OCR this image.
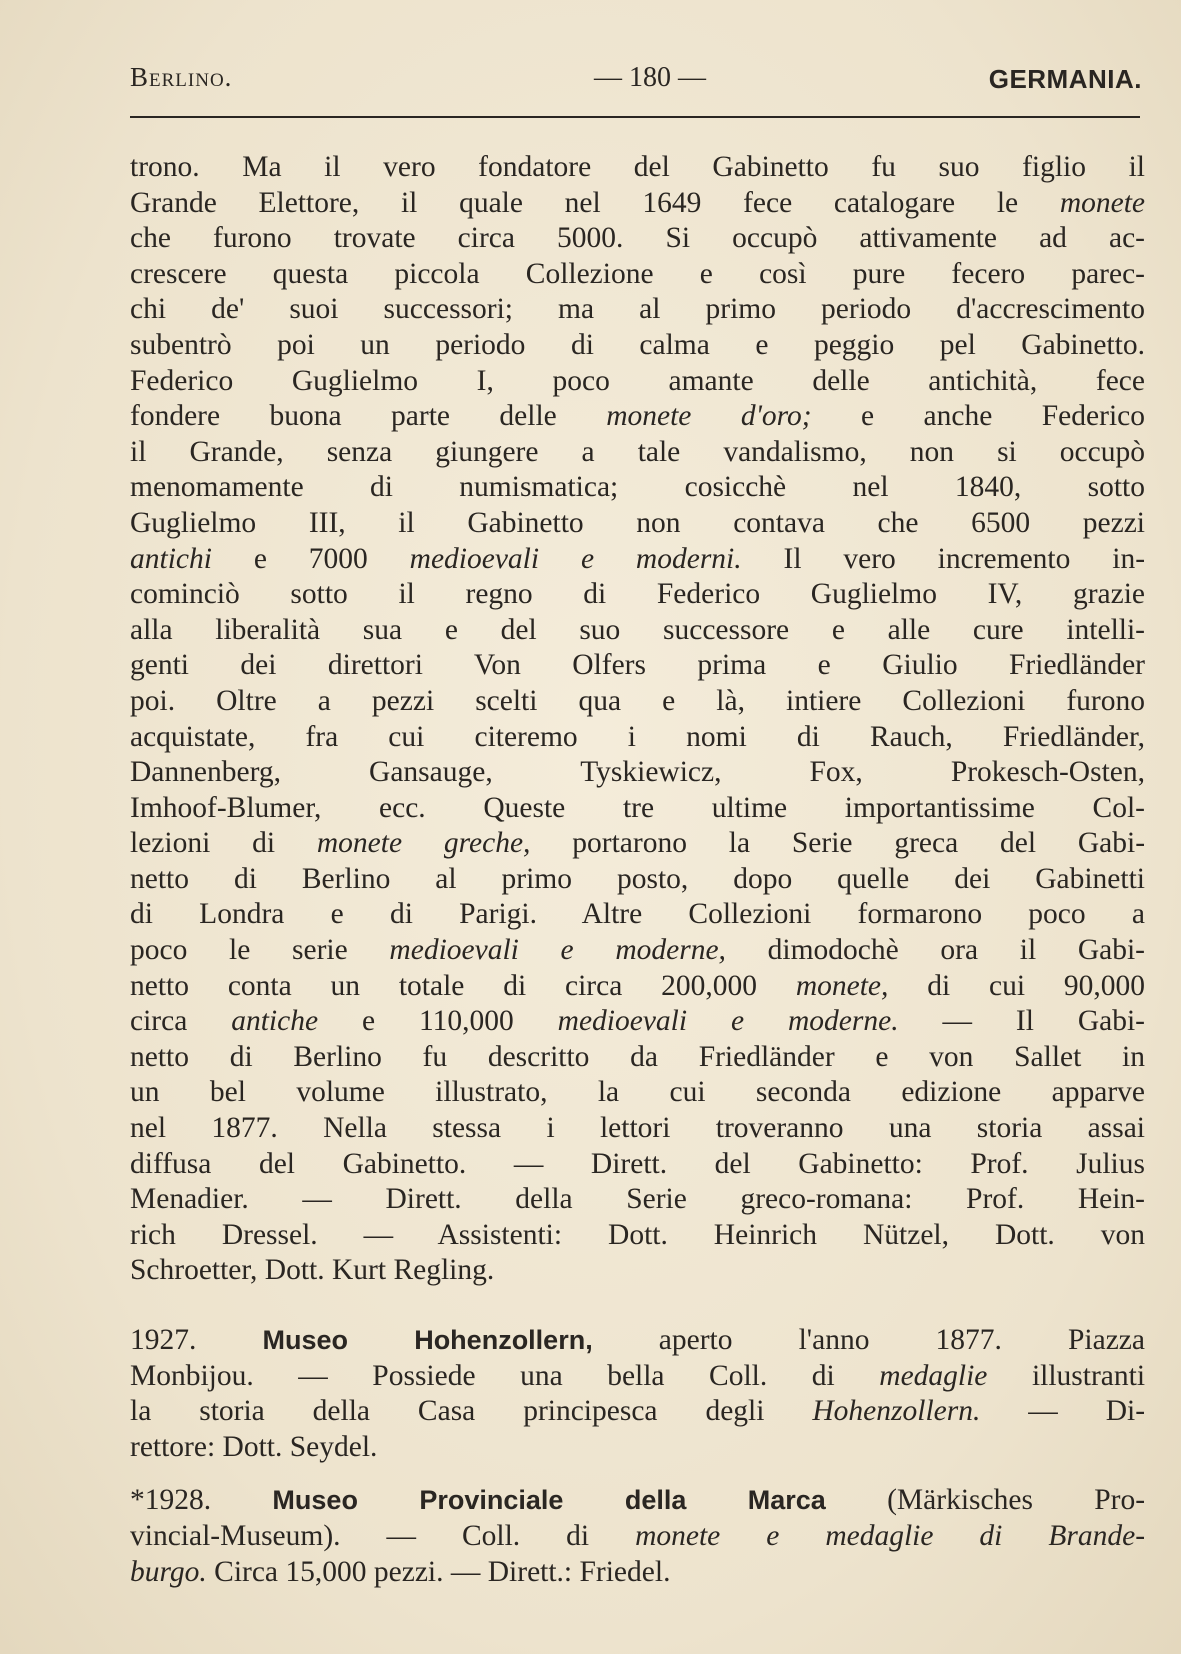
Berlino.	— 180 —	GERMANIA.
trono. Ma il vero fondatore del Gabinetto fu suo figlio il
Grande Elettore, il quale nel 1649 fece catalogare le monete
che furono trovate circa 5000. Si occupò attivamente ad ac-
crescere questa piccola Collezione e così pure fecero parec-
chi de' suoi successori; ma al primo periodo d'accrescimento
subentrò poi un periodo di calma e peggio pel Gabinetto.
Federico Guglielmo I, poco amante delle antichità, fece
fondere buona parte delle monete d'oro; e anche Federico
il Grande, senza giungere a tale vandalismo, non si occupò
menomamente di numismatica; cosicchè nel 1840, sotto
Guglielmo III, il Gabinetto non contava che 6500 pezzi
antichi e 7000 medioevali e moderni. Il vero incremento in-
cominciò sotto il regno di Federico Guglielmo IV, grazie
alla liberalità sua e del suo successore e alle cure intelli-
genti dei direttori Von Olfers prima e Giulio Friedländer
poi. Oltre a pezzi scelti qua e là, intiere Collezioni furono
acquistate, fra cui citeremo i nomi di Rauch, Friedländer,
Dannenberg, Gansauge, Tyskiewicz, Fox, Prokesch-Osten,
Imhoof-Blumer, ecc. Queste tre ultime importantissime Col-
lezioni di monete greche, portarono la Serie greca del Gabi-
netto di Berlino al primo posto, dopo quelle dei Gabinetti
di Londra e di Parigi. Altre Collezioni formarono poco a
poco le serie medioevali e moderne, dimodochè ora il Gabi-
netto conta un totale di circa 200,000 monete, di cui 90,000
circa antiche e 110,000 medioevali e moderne. — Il Gabi-
netto di Berlino fu descritto da Friedländer e von Sallet in
un bel volume illustrato, la cui seconda edizione apparve
nel 1877. Nella stessa i lettori troveranno una storia assai
diffusa del Gabinetto. — Dirett. del Gabinetto: Prof. Julius
Menadier. — Dirett. della Serie greco-romana: Prof. Hein-
rich Dressel. — Assistenti: Dott. Heinrich Nützel, Dott. von
Schroetter, Dott. Kurt Regling.
1927. Museo Hohenzollern, aperto l'anno 1877. Piazza
Monbijou. — Possiede una bella Coll. di medaglie illustranti
la storia della Casa principesca degli Hohenzollern. — Di-
rettore: Dott. Seydel.
*1928. Museo Provinciale della Marca (Märkisches Pro-
vincial-Museum). — Coll. di monete e medaglie di Brande-
burgo. Circa 15,000 pezzi. — Dirett.: Friedel.
